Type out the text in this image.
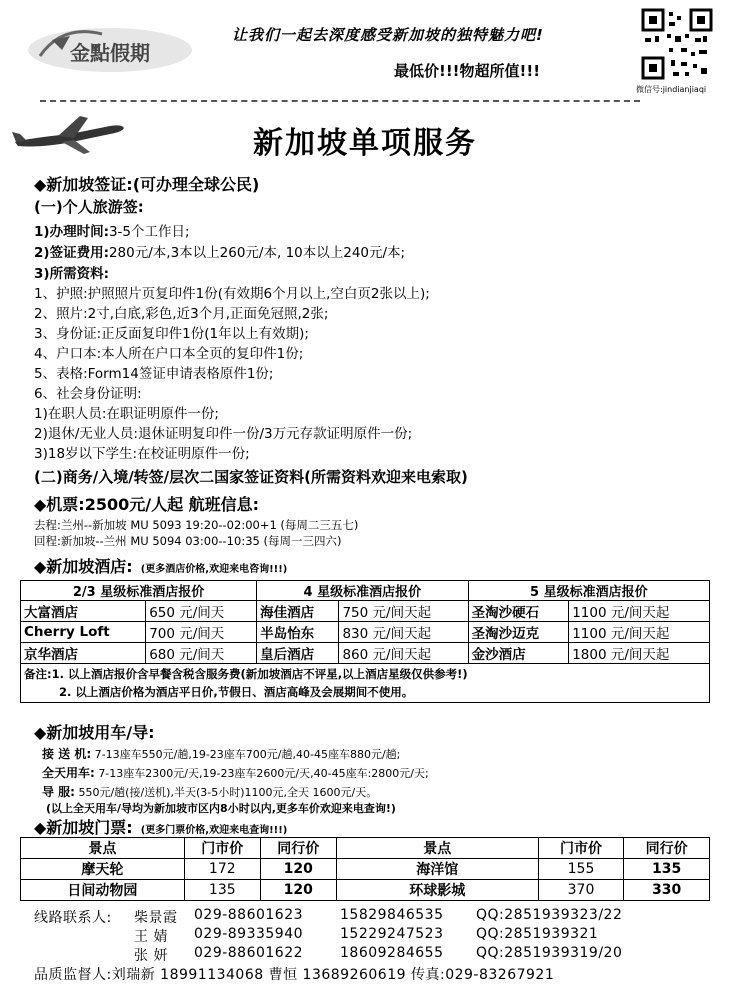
金點假期
让我们一起去深度感受新加坡的独特魅力吧!
最低价!!!物超所值!!!
微信号:jindianjiaqi
新加坡单项服务
◆新加坡签证:(可办理全球公民)
(一)个人旅游签:
1)办理时间:3-5个工作日;
2)签证费用:280元/本,3本以上260元/本, 10本以上240元/本;
3)所需资料:
1、护照:护照照片页复印件1份(有效期6个月以上,空白页2张以上);
2、照片:2寸,白底,彩色,近3个月,正面免冠照,2张;
3、身份证:正反面复印件1份(1年以上有效期);
4、户口本:本人所在户口本全页的复印件1份;
5、表格:Form14签证申请表格原件1份;
6、社会身份证明:
1)在职人员:在职证明原件一份;
2)退休/无业人员:退休证明复印件一份/3万元存款证明原件一份;
3)18岁以下学生:在校证明原件一份;
(二)商务/入境/转签/层次二国家签证资料(所需资料欢迎来电索取)
◆机票:2500元/人起 航班信息:
去程:兰州--新加坡 MU 5093 19:20--02:00+1 (每周二三五七)
回程:新加坡--兰州 MU 5094 03:00--10:35 (每周一三四六)
◆新加坡酒店: (更多酒店价格,欢迎来电咨询!!!)
2/3 星级标准酒店报价		4 星级标准酒店报价		5 星级标准酒店报价	
大富酒店	650 元/间天	海佳酒店	750 元/间天起	圣淘沙硬石	1100 元/间天起
Cherry Loft	700 元/间天	半岛怡东	830 元/间天起	圣淘沙迈克	1100 元/间天起
京华酒店	680 元/间天	皇后酒店	860 元/间天起	金沙酒店	1800 元/间天起

备注:1. 以上酒店报价含早餐含税含服务费(新加坡酒店不评星,以上酒店星级仅供参考!)
2. 以上酒店价格为酒店平日价,节假日、酒店高峰及会展期间不使用。					
◆新加坡用车/导:
接 送 机: 7-13座车550元/趟,19-23座车700元/趟,40-45座车880元/趟;
全天用车: 7-13座车2300元/天,19-23座车2600元/天,40-45座车:2800元/天;
导 服: 550元/趟(接/送机),半天(3-5小时)1100元,全天 1600元/天。
(以上全天用车/导均为新加坡市区内8小时以内,更多车价欢迎来电查询!)
◆新加坡门票: (更多门票价格,欢迎来电查询!!!)
景点	门市价	同行价	景点	门市价	同行价
摩天轮	172	120	海洋馆	155	135
日间动物园	135	120	环球影城	370	330
线路联系人: 柴景霞 029-88601623	15829846535 QQ:2851939323/22
王 婧 029-89335940	15229247523 QQ:2851939321
张 妍 029-88601622	18609284655 QQ:2851939319/20
品质监督人:刘瑞新 18991134068 曹恒 13689260619 传真:029-83267921
